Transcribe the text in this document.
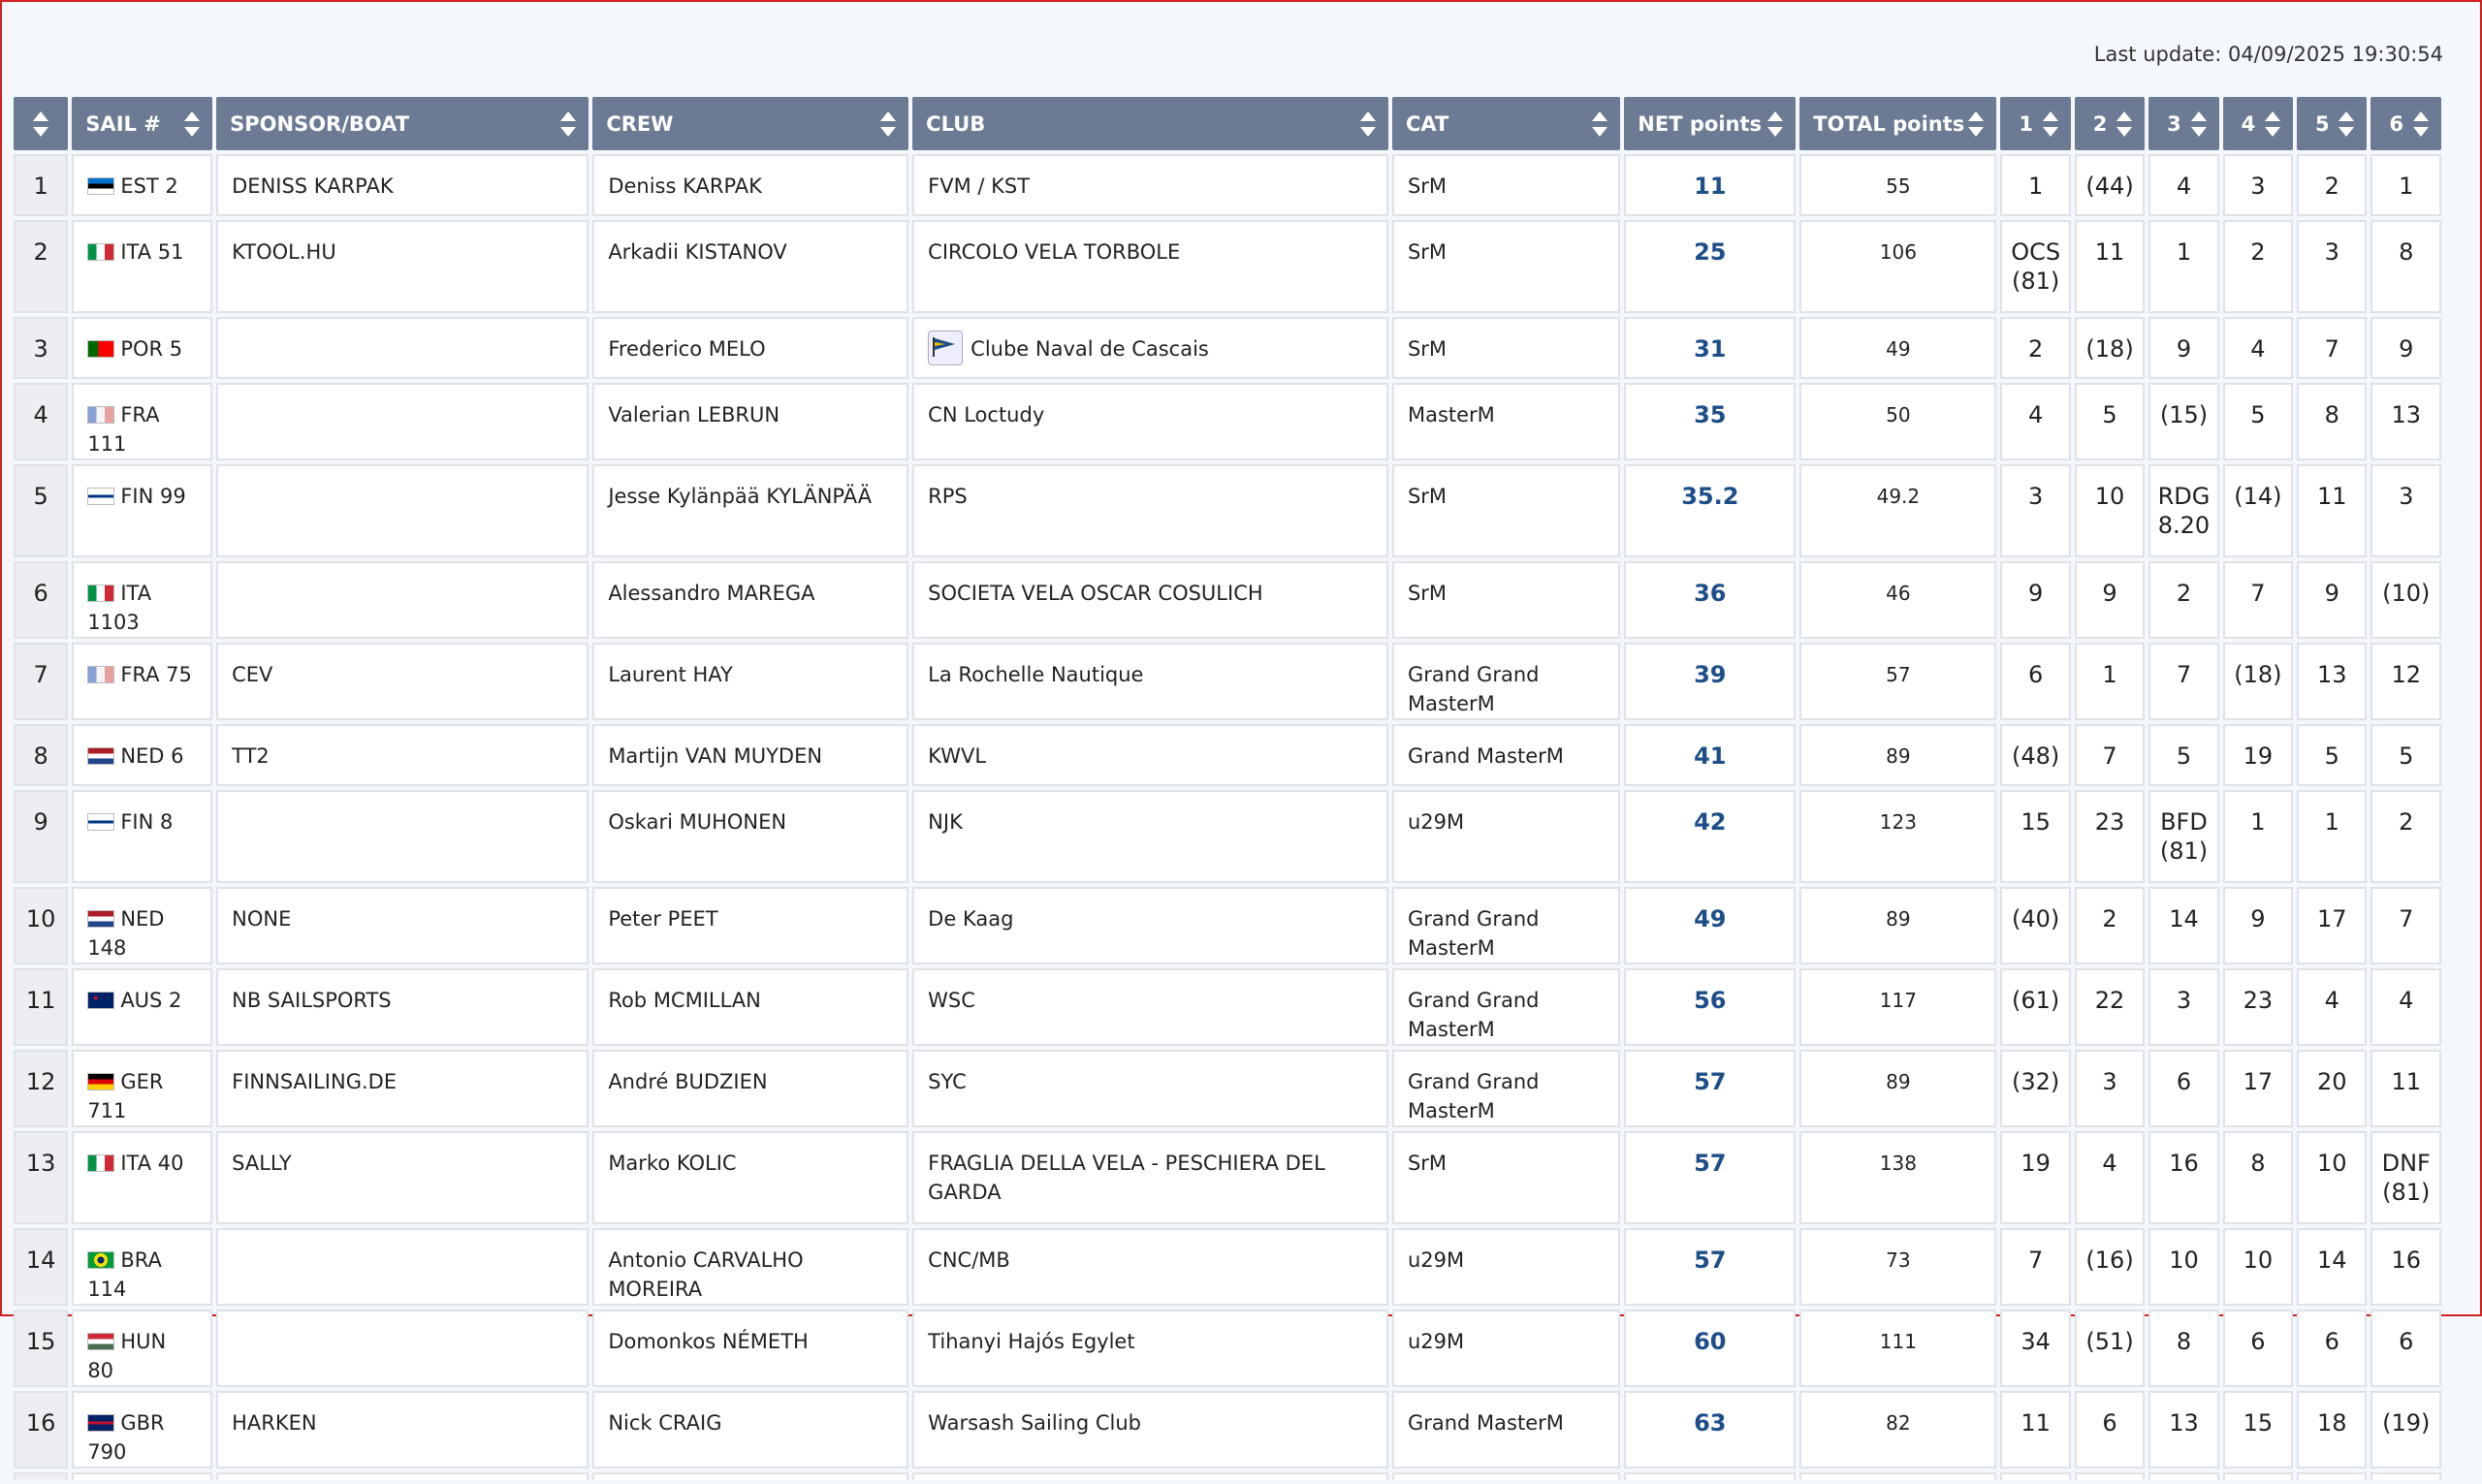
Last update: 04/09/2025 19:30:54
	SAIL #	SPONSOR/BOAT	CREW	CLUB	CAT	NET points	TOTAL points	1	2	3	4	5	6

1	EST 2	DENISS KARPAK	Deniss KARPAK	FVM / KST	SrM	11	55	1	(44)	4	3	2	1
2	ITA 51	KTOOL.HU	Arkadii KISTANOV	CIRCOLO VELA TORBOLE	SrM	25	106	OCS (81)	11	1	2	3	8
3	POR 5		Frederico MELO	Clube Naval de Cascais	SrM	31	49	2	(18)	9	4	7	9
4	FRA 111		Valerian LEBRUN	CN Loctudy	MasterM	35	50	4	5	(15)	5	8	13
5	FIN 99		Jesse Kylänpää KYLÄNPÄÄ	RPS	SrM	35.2	49.2	3	10	RDG 8.20	(14)	11	3
6	ITA 1103		Alessandro MAREGA	SOCIETA VELA OSCAR COSULICH	SrM	36	46	9	9	2	7	9	(10)
7	FRA 75	CEV	Laurent HAY	La Rochelle Nautique	Grand Grand MasterM	39	57	6	1	7	(18)	13	12
8	NED 6	TT2	Martijn VAN MUYDEN	KWVL	Grand MasterM	41	89	(48)	7	5	19	5	5
9	FIN 8		Oskari MUHONEN	NJK	u29M	42	123	15	23	BFD (81)	1	1	2
10	NED 148	NONE	Peter PEET	De Kaag	Grand Grand MasterM	49	89	(40)	2	14	9	17	7
11	AUS 2	NB SAILSPORTS	Rob MCMILLAN	WSC	Grand Grand MasterM	56	117	(61)	22	3	23	4	4
12	GER 711	FINNSAILING.DE	André BUDZIEN	SYC	Grand Grand MasterM	57	89	(32)	3	6	17	20	11
13	ITA 40	SALLY	Marko KOLIC	FRAGLIA DELLA VELA - PESCHIERA DEL GARDA	SrM	57	138	19	4	16	8	10	DNF (81)
14	BRA 114		Antonio CARVALHO MOREIRA	CNC/MB	u29M	57	73	7	(16)	10	10	14	16
15	HUN 80		Domonkos NÉMETH	Tihanyi Hajós Egylet	u29M	60	111	34	(51)	8	6	6	6
16	GBR 790	HARKEN	Nick CRAIG	Warsash Sailing Club	Grand MasterM	63	82	11	6	13	15	18	(19)
